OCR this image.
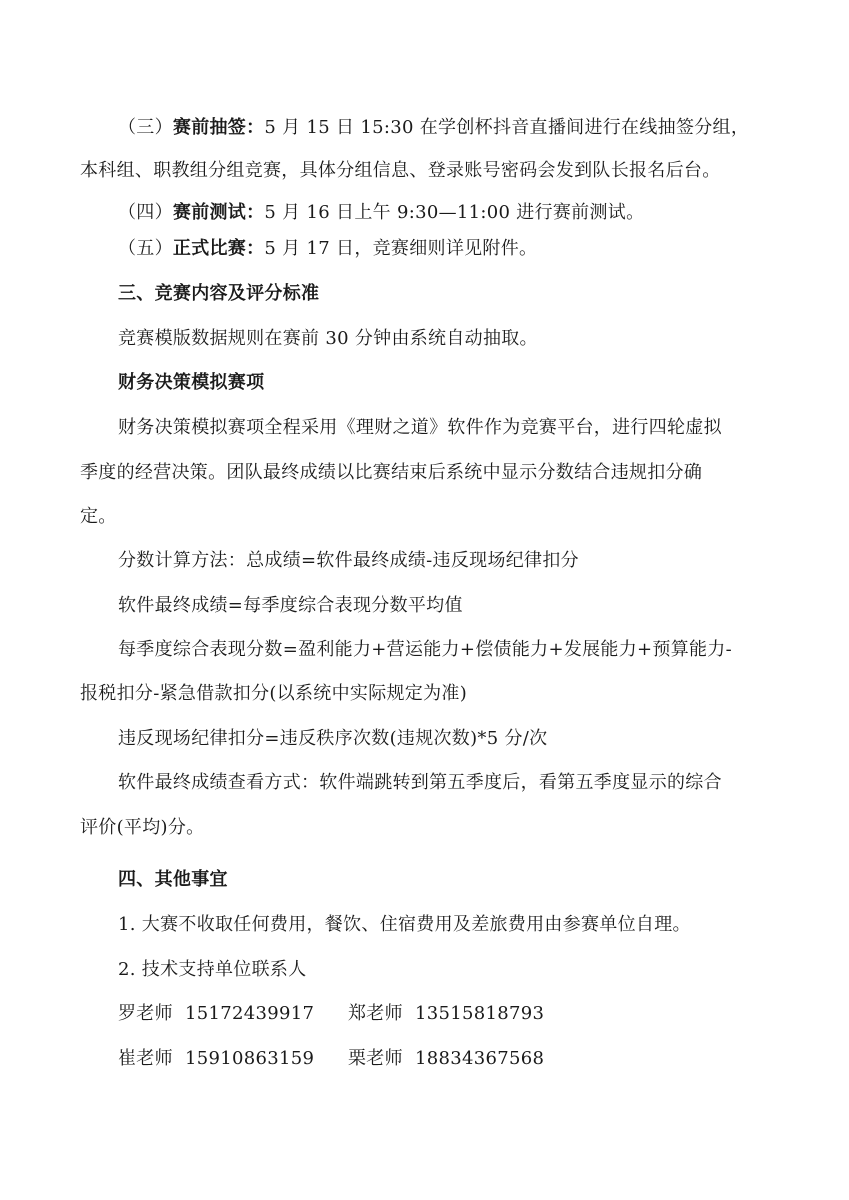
（三）赛前抽签：5 月 15 日 15:30 在学创杯抖音直播间进行在线抽签分组，
本科组、职教组分组竞赛，具体分组信息、登录账号密码会发到队长报名后台。
（四）赛前测试：5 月 16 日上午 9:30—11:00 进行赛前测试。
（五）正式比赛：5 月 17 日，竞赛细则详见附件。
三、竞赛内容及评分标准
竞赛模版数据规则在赛前 30 分钟由系统自动抽取。
财务决策模拟赛项
财务决策模拟赛项全程采用《理财之道》软件作为竞赛平台，进行四轮虚拟
季度的经营决策。团队最终成绩以比赛结束后系统中显示分数结合违规扣分确
定。
分数计算方法：总成绩=软件最终成绩-违反现场纪律扣分
软件最终成绩=每季度综合表现分数平均值
每季度综合表现分数=盈利能力+营运能力+偿债能力+发展能力+预算能力-
报税扣分-紧急借款扣分(以系统中实际规定为准)
违反现场纪律扣分=违反秩序次数(违规次数)*5 分/次
软件最终成绩查看方式：软件端跳转到第五季度后，看第五季度显示的综合
评价(平均)分。
四、其他事宜
1. 大赛不收取任何费用，餐饮、住宿费用及差旅费用由参赛单位自理。
2. 技术支持单位联系人
罗老师 15172439917 郑老师 13515818793
崔老师 15910863159 栗老师 18834367568
